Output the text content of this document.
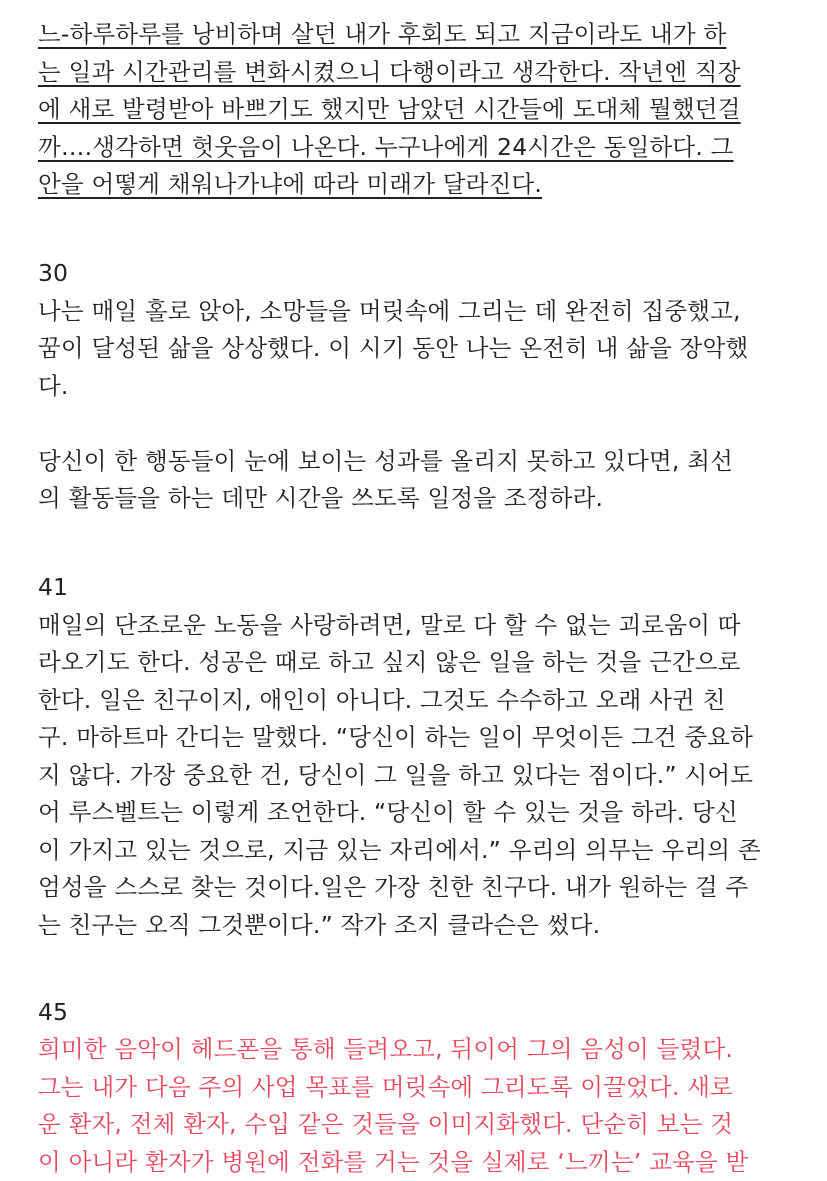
느-하루하루를 낭비하며 살던 내가 후회도 되고 지금이라도 내가 하
는 일과 시간관리를 변화시켰으니 다행이라고 생각한다. 작년엔 직장
에 새로 발령받아 바쁘기도 했지만 남았던 시간들에 도대체 뭘했던걸
까….생각하면 헛웃음이 나온다. 누구나에게 24시간은 동일하다. 그
안을 어떻게 채워나가냐에 따라 미래가 달라진다.
30
나는 매일 홀로 앉아, 소망들을 머릿속에 그리는 데 완전히 집중했고,
꿈이 달성된 삶을 상상했다. 이 시기 동안 나는 온전히 내 삶을 장악했
다.
당신이 한 행동들이 눈에 보이는 성과를 올리지 못하고 있다면, 최선
의 활동들을 하는 데만 시간을 쓰도록 일정을 조정하라.
41
매일의 단조로운 노동을 사랑하려면, 말로 다 할 수 없는 괴로움이 따
라오기도 한다. 성공은 때로 하고 싶지 않은 일을 하는 것을 근간으로
한다. 일은 친구이지, 애인이 아니다. 그것도 수수하고 오래 사귄 친
구. 마하트마 간디는 말했다. “당신이 하는 일이 무엇이든 그건 중요하
지 않다. 가장 중요한 건, 당신이 그 일을 하고 있다는 점이다.” 시어도
어 루스벨트는 이렇게 조언한다. “당신이 할 수 있는 것을 하라. 당신
이 가지고 있는 것으로, 지금 있는 자리에서.” 우리의 의무는 우리의 존
엄성을 스스로 찾는 것이다.일은 가장 친한 친구다. 내가 원하는 걸 주
는 친구는 오직 그것뿐이다.” 작가 조지 클라슨은 썼다.
45
희미한 음악이 헤드폰을 통해 들려오고, 뒤이어 그의 음성이 들렸다.
그는 내가 다음 주의 사업 목표를 머릿속에 그리도록 이끌었다. 새로
운 환자, 전체 환자, 수입 같은 것들을 이미지화했다. 단순히 보는 것
이 아니라 환자가 병원에 전화를 거는 것을 실제로 ‘느끼는’ 교육을 받
